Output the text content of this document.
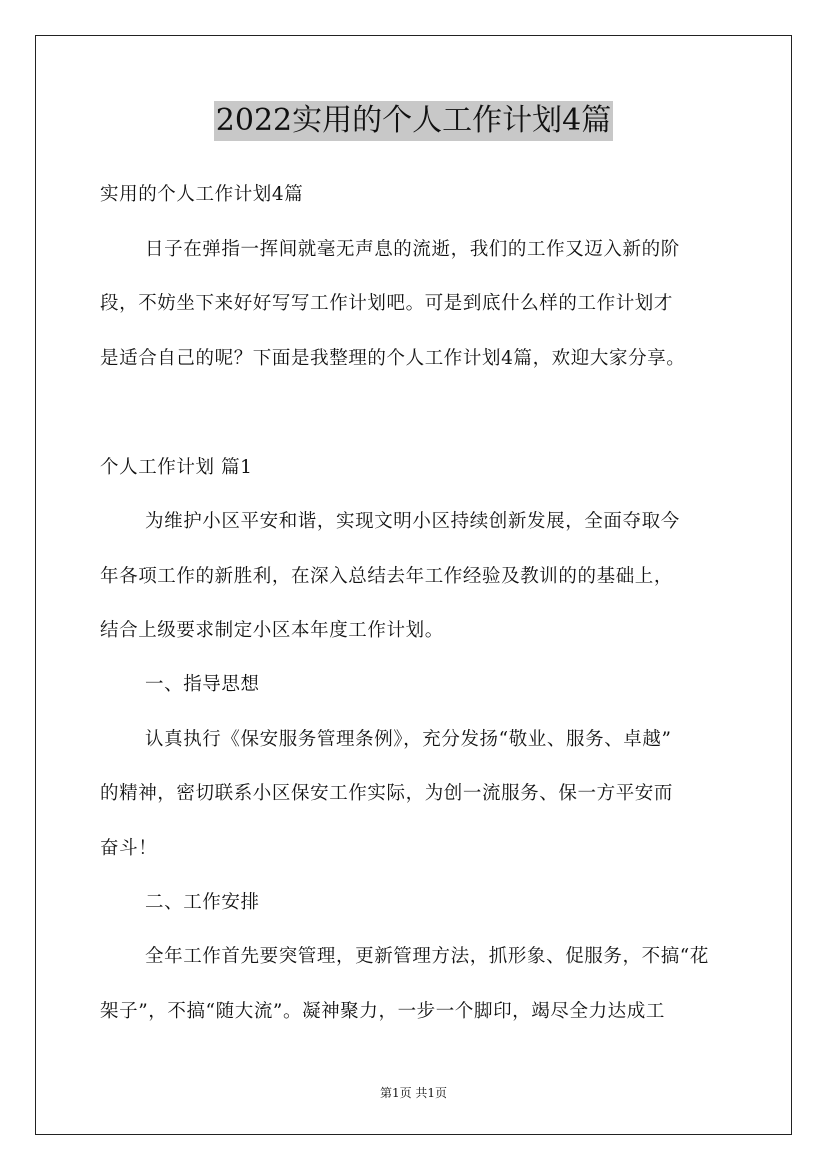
2022实用的个人工作计划4篇
实用的个人工作计划4篇
日子在弹指一挥间就毫无声息的流逝，我们的工作又迈入新的阶
段，不妨坐下来好好写写工作计划吧。可是到底什么样的工作计划才
是适合自己的呢？下面是我整理的个人工作计划4篇，欢迎大家分享。
个人工作计划 篇1
为维护小区平安和谐，实现文明小区持续创新发展，全面夺取今
年各项工作的新胜利，在深入总结去年工作经验及教训的的基础上，
结合上级要求制定小区本年度工作计划。
一、指导思想
认真执行《保安服务管理条例》，充分发扬“敬业、服务、卓越”
的精神，密切联系小区保安工作实际，为创一流服务、保一方平安而
奋斗！
二、工作安排
全年工作首先要突管理，更新管理方法，抓形象、促服务，不搞“花
架子”，不搞“随大流”。凝神聚力，一步一个脚印，竭尽全力达成工
第1页 共1页
